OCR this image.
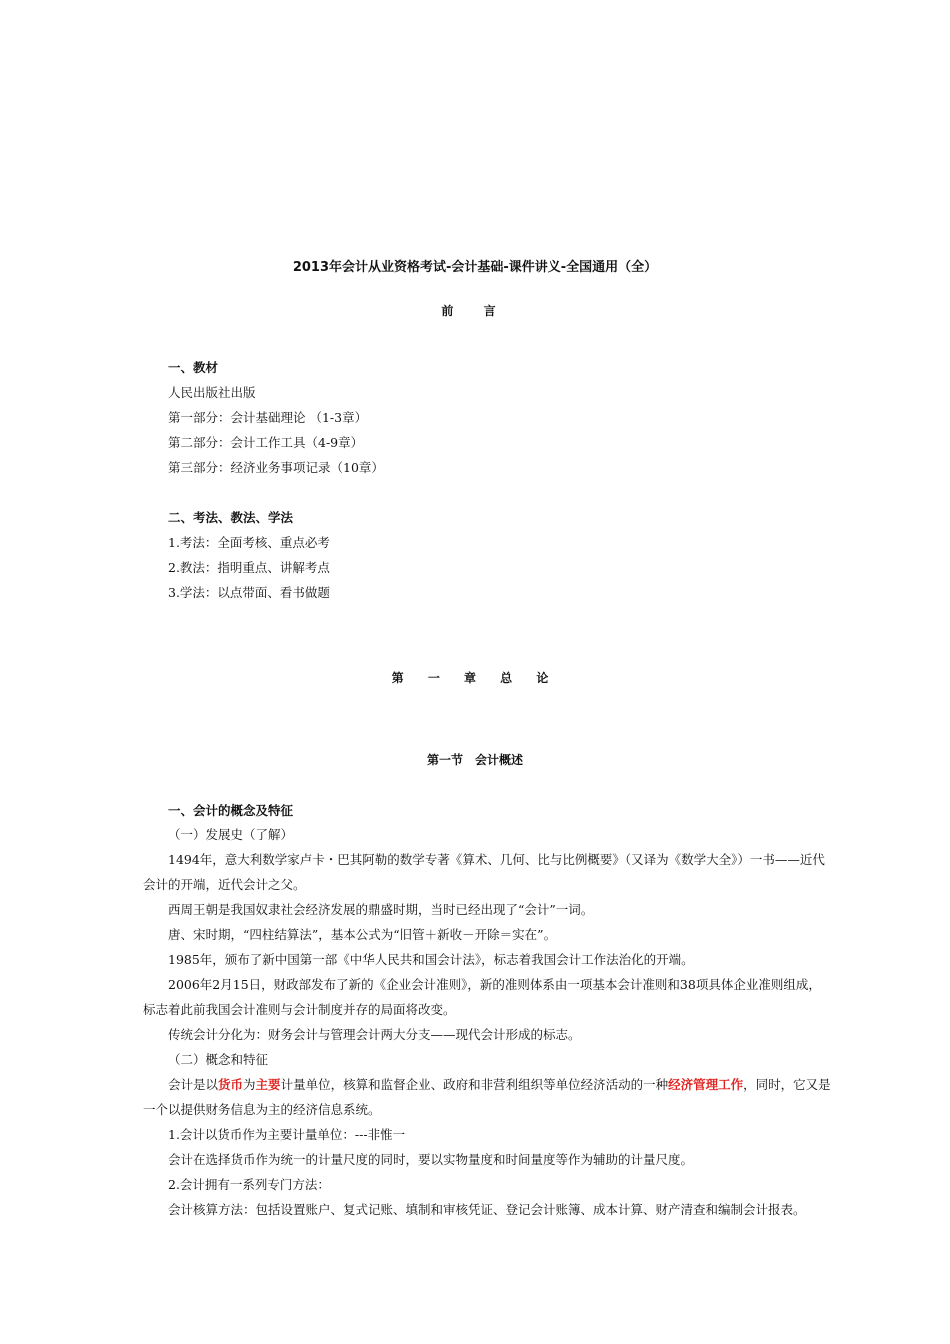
2013年会计从业资格考试-会计基础-课件讲义-全国通用（全）
前 言
一、教材
人民出版社出版
第一部分：会计基础理论 （1-3章）
第二部分：会计工作工具（4-9章）
第三部分：经济业务事项记录（10章）
二、考法、教法、学法
1.考法：全面考核、重点必考
2.教法：指明重点、讲解考点
3.学法：以点带面、看书做题
第 一 章 总 论
第一节　会计概述
一、会计的概念及特征
（一）发展史（了解）
1494年，意大利数学家卢卡・巴其阿勒的数学专著《算术、几何、比与比例概要》（又译为《数学大全》）一书——近代
会计的开端，近代会计之父。
西周王朝是我国奴隶社会经济发展的鼎盛时期，当时已经出现了“会计”一词。
唐、宋时期，“四柱结算法”，基本公式为“旧管＋新收－开除＝实在”。
1985年，颁布了新中国第一部《中华人民共和国会计法》，标志着我国会计工作法治化的开端。
2006年2月15日，财政部发布了新的《企业会计准则》，新的准则体系由一项基本会计准则和38项具体企业准则组成，
标志着此前我国会计准则与会计制度并存的局面将改变。
传统会计分化为：财务会计与管理会计两大分支——现代会计形成的标志。
（二）概念和特征
会计是以货币为主要计量单位，核算和监督企业、政府和非营利组织等单位经济活动的一种经济管理工作，同时，它又是
一个以提供财务信息为主的经济信息系统。
1.会计以货币作为主要计量单位：---非惟一
会计在选择货币作为统一的计量尺度的同时，要以实物量度和时间量度等作为辅助的计量尺度。
2.会计拥有一系列专门方法：
会计核算方法：包括设置账户、复式记账、填制和审核凭证、登记会计账簿、成本计算、财产清查和编制会计报表。
